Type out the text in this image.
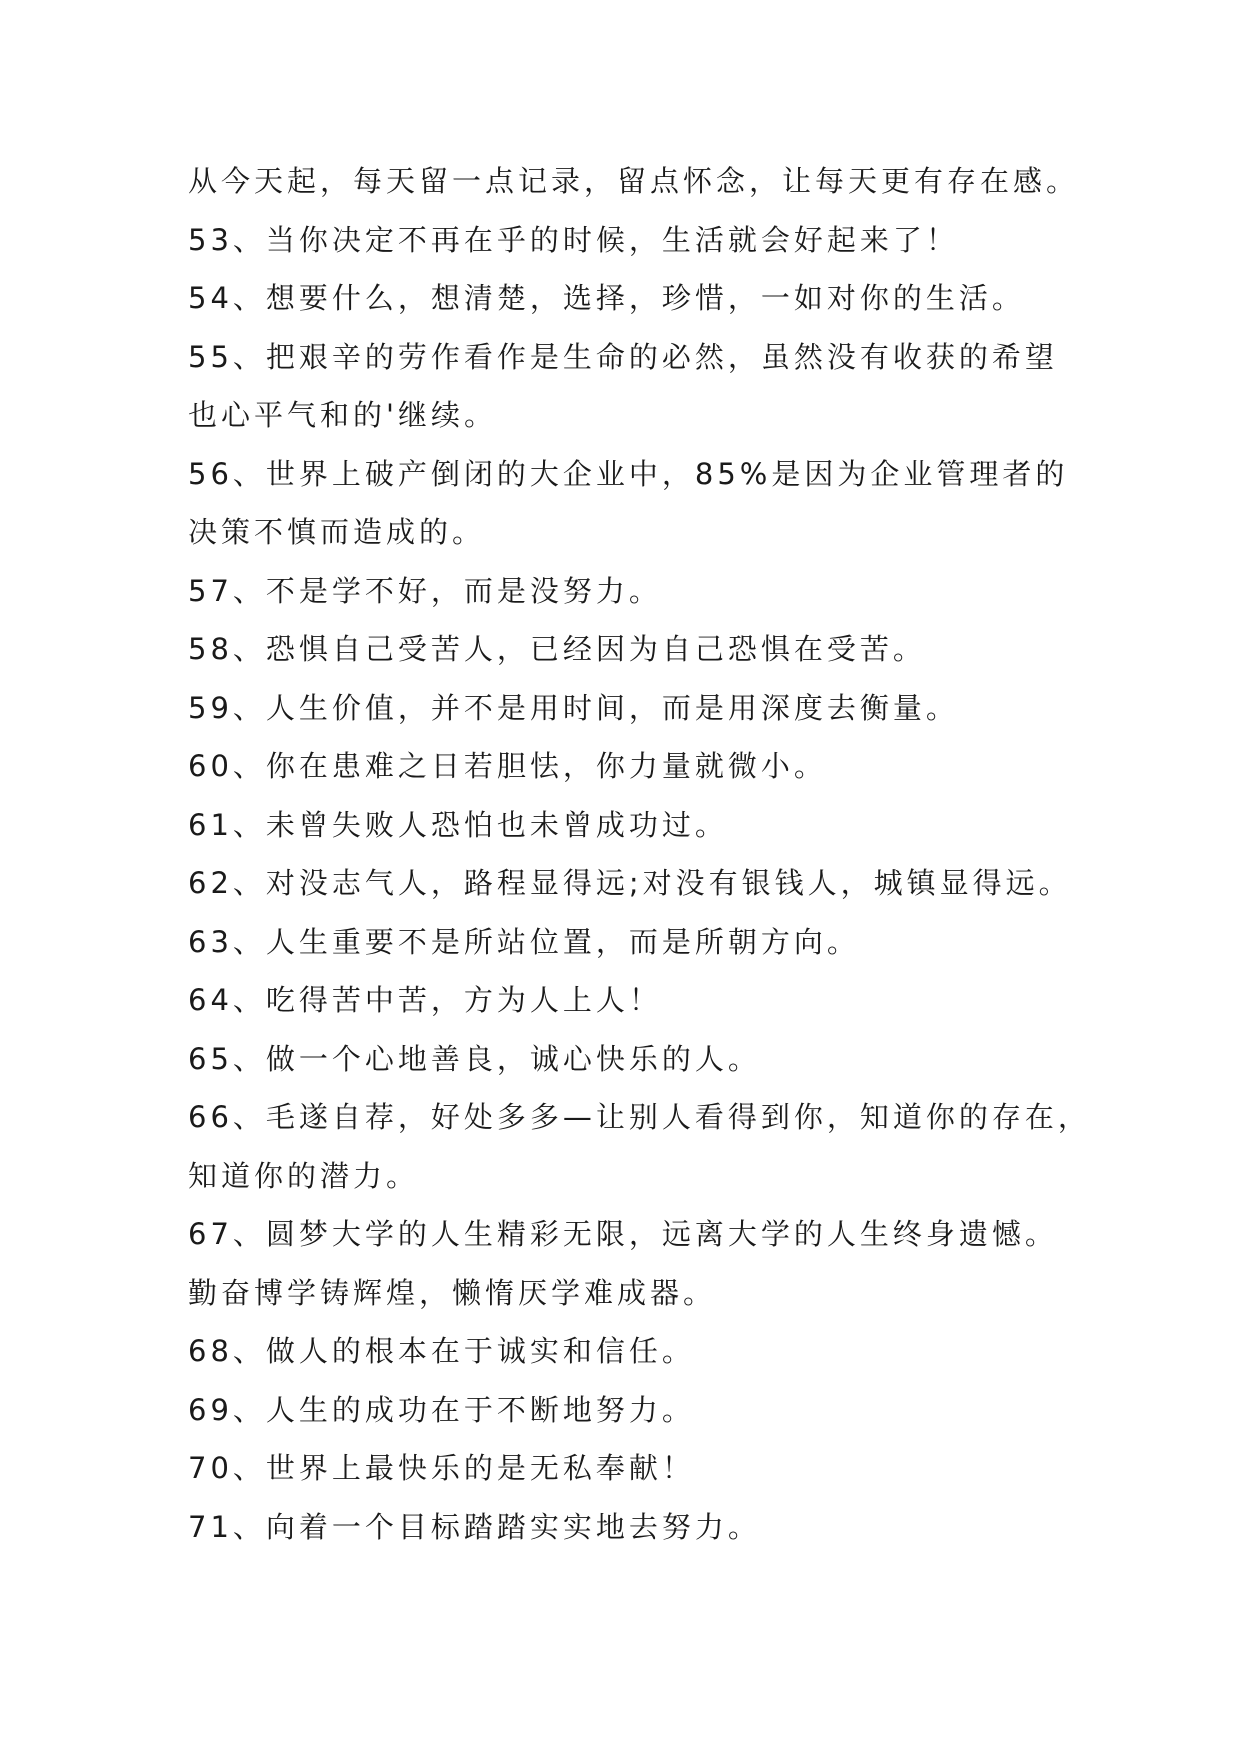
从今天起，每天留一点记录，留点怀念，让每天更有存在感。
53、当你决定不再在乎的时候，生活就会好起来了！
54、想要什么，想清楚，选择，珍惜，一如对你的生活。
55、把艰辛的劳作看作是生命的必然，虽然没有收获的希望
也心平气和的'继续。
56、世界上破产倒闭的大企业中，85%是因为企业管理者的
决策不慎而造成的。
57、不是学不好，而是没努力。
58、恐惧自己受苦人，已经因为自己恐惧在受苦。
59、人生价值，并不是用时间，而是用深度去衡量。
60、你在患难之日若胆怯，你力量就微小。
61、未曾失败人恐怕也未曾成功过。
62、对没志气人，路程显得远;对没有银钱人，城镇显得远。
63、人生重要不是所站位置，而是所朝方向。
64、吃得苦中苦，方为人上人！
65、做一个心地善良，诚心快乐的人。
66、毛遂自荐，好处多多—让别人看得到你，知道你的存在，
知道你的潜力。
67、圆梦大学的人生精彩无限，远离大学的人生终身遗憾。
勤奋博学铸辉煌，懒惰厌学难成器。
68、做人的根本在于诚实和信任。
69、人生的成功在于不断地努力。
70、世界上最快乐的是无私奉献！
71、向着一个目标踏踏实实地去努力。
